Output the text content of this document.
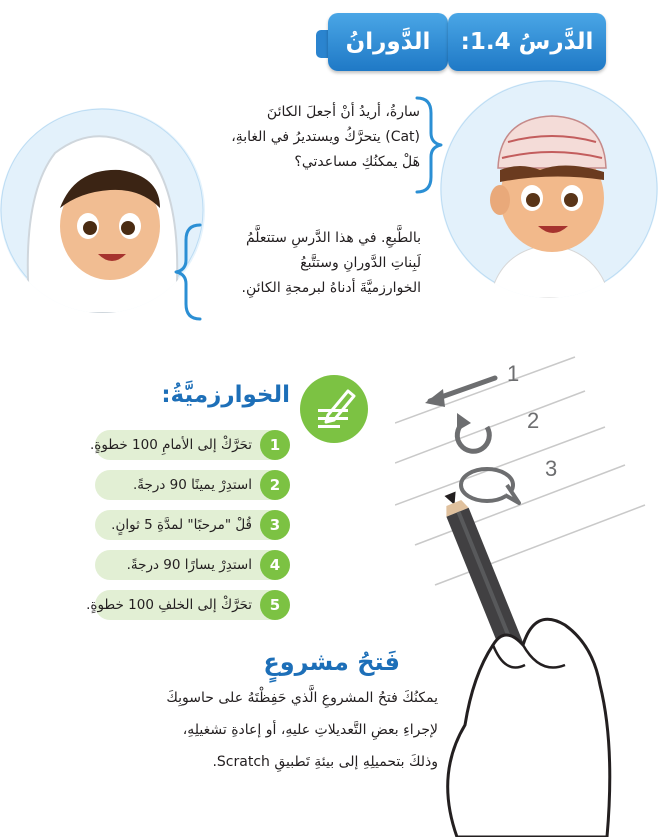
الدَّرسُ 1.4:
الدَّورانُ
سارةُ، أريدُ أنْ أجعلَ الكائنَ
(Cat) يتحرَّكُ ويستديرُ في الغابةِ،
هَلْ يمكنُكِ مساعدتي؟
بالطَّبعِ. في هذا الدَّرسِ ستتعلَّمُ
لَبِناتِ الدَّورانِ وستتَّبعُ
الخوارزميَّةَ أدناهُ لبرمجةِ الكائنِ.
الخوارزميَّةُ:
1
تحَرَّكْ إلى الأمامِ 100 خطوةٍ.
2
استدِرْ يمينًا 90 درجةً.
3
قُلْ "مرحبًا" لمدَّةِ 5 ثوانٍ.
4
استدِرْ يسارًا 90 درجةً.
5
تحَرَّكْ إلى الخلفِ 100 خطوةٍ.
1
2
3
فَتحُ مشروعٍ
يمكنُكَ فتحُ المشروعِ الَّذي حَفِظْتَهُ على حاسوبِكَ
لإجراءِ بعضِ التَّعديلاتِ عليهِ، أو إعادةِ تشغيلِهِ،
وذلكَ بتحميلِهِ إلى بيئةِ تَطبيقِ Scratch.
